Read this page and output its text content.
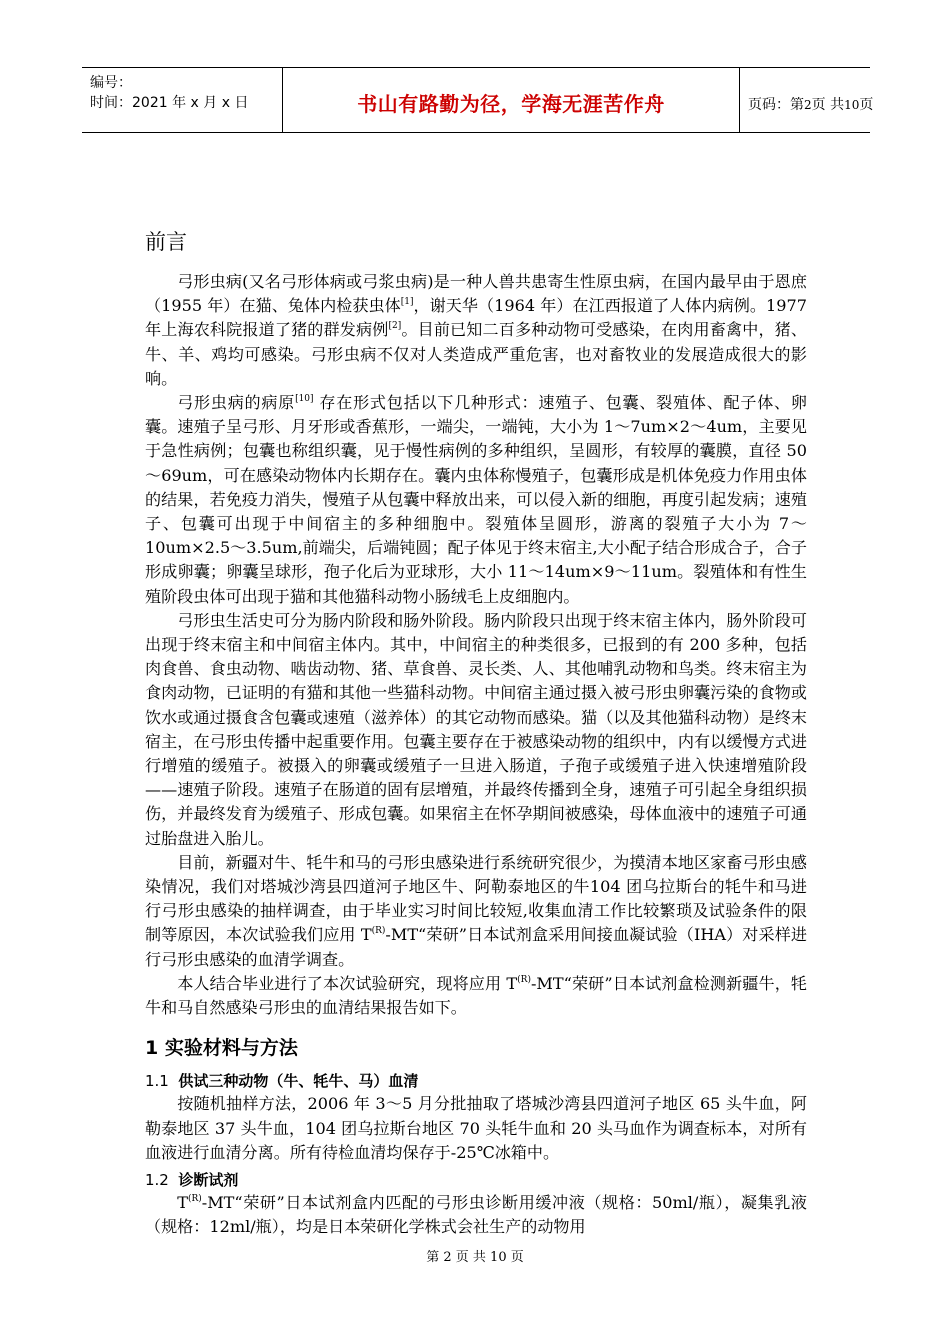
编号：
时间：2021 年 x 月 x 日	书山有路勤为径，学海无涯苦作舟	页码：第2页 共10页
前言

弓形虫病(又名弓形体病或弓浆虫病)是一种人兽共患寄生性原虫病，在国内最早由于恩庶（1955 年）在猫、兔体内检获虫体[1]，谢天华（1964 年）在江西报道了人体内病例。1977 年上海农科院报道了猪的群发病例[2]。目前已知二百多种动物可受感染，在肉用畜禽中，猪、牛、羊、鸡均可感染。弓形虫病不仅对人类造成严重危害，也对畜牧业的发展造成很大的影响。

弓形虫病的病原[10] 存在形式包括以下几种形式：速殖子、包囊、裂殖体、配子体、卵囊。速殖子呈弓形、月牙形或香蕉形，一端尖，一端钝，大小为 1～7um×2～4um，主要见于急性病例；包囊也称组织囊，见于慢性病例的多种组织，呈圆形，有较厚的囊膜，直径 50～69um，可在感染动物体内长期存在。囊内虫体称慢殖子，包囊形成是机体免疫力作用虫体的结果，若免疫力消失，慢殖子从包囊中释放出来，可以侵入新的细胞，再度引起发病；速殖子、包囊可出现于中间宿主的多种细胞中。裂殖体呈圆形，游离的裂殖子大小为 7～10um×2.5～3.5um,前端尖，后端钝圆；配子体见于终末宿主,大小配子结合形成合子，合子形成卵囊；卵囊呈球形，孢子化后为亚球形，大小 11～14um×9～11um。裂殖体和有性生殖阶段虫体可出现于猫和其他猫科动物小肠绒毛上皮细胞内。

弓形虫生活史可分为肠内阶段和肠外阶段。肠内阶段只出现于终末宿主体内，肠外阶段可出现于终末宿主和中间宿主体内。其中，中间宿主的种类很多，已报到的有 200 多种，包括肉食兽、食虫动物、啮齿动物、猪、草食兽、灵长类、人、其他哺乳动物和鸟类。终末宿主为食肉动物，已证明的有猫和其他一些猫科动物。中间宿主通过摄入被弓形虫卵囊污染的食物或饮水或通过摄食含包囊或速殖（滋养体）的其它动物而感染。猫（以及其他猫科动物）是终末宿主，在弓形虫传播中起重要作用。包囊主要存在于被感染动物的组织中，内有以缓慢方式进行增殖的缓殖子。被摄入的卵囊或缓殖子一旦进入肠道，子孢子或缓殖子进入快速增殖阶段——速殖子阶段。速殖子在肠道的固有层增殖，并最终传播到全身，速殖子可引起全身组织损伤，并最终发育为缓殖子、形成包囊。如果宿主在怀孕期间被感染，母体血液中的速殖子可通过胎盘进入胎儿。

目前，新疆对牛、牦牛和马的弓形虫感染进行系统研究很少，为摸清本地区家畜弓形虫感染情况，我们对塔城沙湾县四道河子地区牛、阿勒泰地区的牛104 团乌拉斯台的牦牛和马进行弓形虫感染的抽样调查，由于毕业实习时间比较短,收集血清工作比较繁琐及试验条件的限制等原因，本次试验我们应用 $T^{(R)}-MT“$荣研”日本试剂盒采用间接血凝试验（IHA）对采样进行弓形虫感染的血清学调查。

本人结合毕业进行了本次试验研究，现将应用 $T^{(R)}-MT“$荣研”日本试剂盒检测新疆牛，牦牛和马自然感染弓形虫的血清结果报告如下。

1 实验材料与方法
1.1 供试三种动物（牛、牦牛、马）血清

按随机抽样方法，2006 年 3～5 月分批抽取了塔城沙湾县四道河子地区 65 头牛血，阿勒泰地区 37 头牛血，104 团乌拉斯台地区 70 头牦牛血和 20 头马血作为调查标本，对所有血液进行血清分离。所有待检血清均保存于-25℃冰箱中。

1.2 诊断试剂

$T^{(R)}-MT“$荣研”日本试剂盒内匹配的弓形虫诊断用缓冲液（规格：50ml/瓶），凝集乳液（规格：12ml/瓶），均是日本荣研化学株式会社生产的动物用

第 2 页 共 10 页
